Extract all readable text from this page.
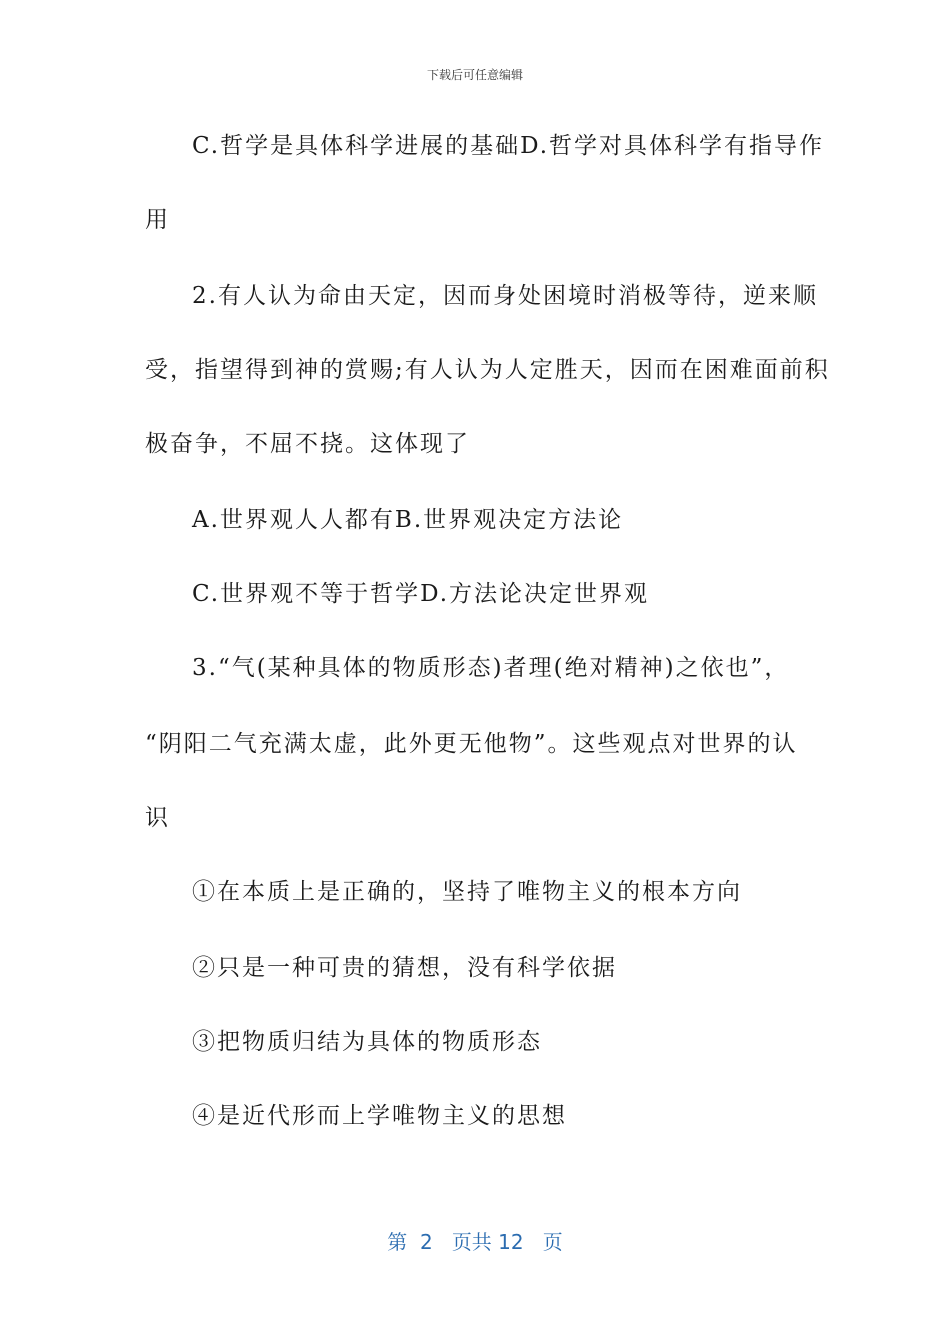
下载后可任意编辑
C.哲学是具体科学进展的基础D.哲学对具体科学有指导作
用
2.有人认为命由天定，因而身处困境时消极等待，逆来顺
受，指望得到神的赏赐;有人认为人定胜天，因而在困难面前积
极奋争，不屈不挠。这体现了
A.世界观人人都有B.世界观决定方法论
C.世界观不等于哲学D.方法论决定世界观
3.“气(某种具体的物质形态)者理(绝对精神)之依也”，
“阴阳二气充满太虚，此外更无他物”。这些观点对世界的认
识
①在本质上是正确的，坚持了唯物主义的根本方向
②只是一种可贵的猜想，没有科学依据
③把物质归结为具体的物质形态
④是近代形而上学唯物主义的思想
第 2 页共 12 页
